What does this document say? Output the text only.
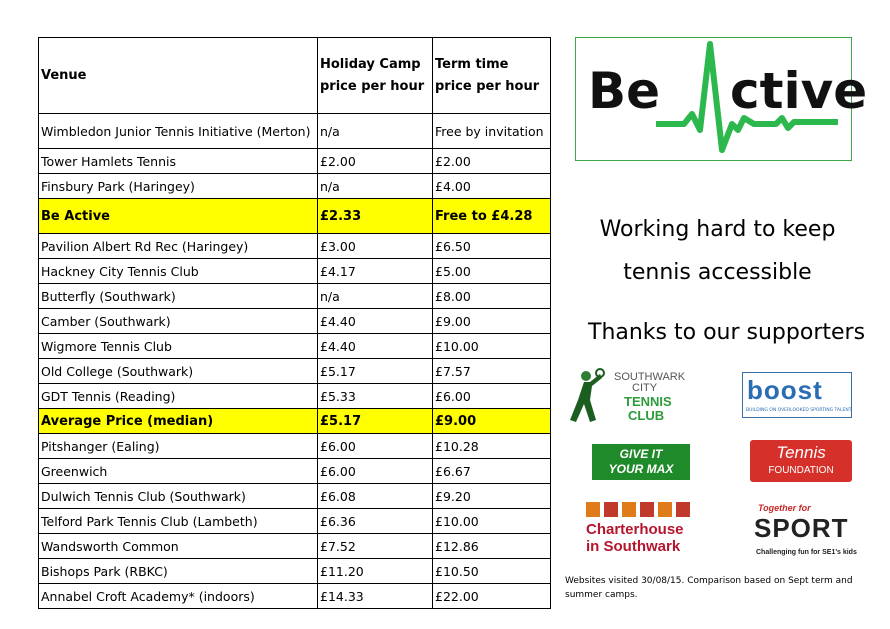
Venue	Holiday Camp price per hour	Term time price per hour
Wimbledon Junior Tennis Initiative (Merton)	n/a	Free by invitation
Tower Hamlets Tennis	£2.00	£2.00
Finsbury Park (Haringey)	n/a	£4.00
Be Active	£2.33	Free to £4.28
Pavilion Albert Rd Rec (Haringey)	£3.00	£6.50
Hackney City Tennis Club	£4.17	£5.00
Butterfly (Southwark)	n/a	£8.00
Camber (Southwark)	£4.40	£9.00
Wigmore Tennis Club	£4.40	£10.00
Old College (Southwark)	£5.17	£7.57
GDT Tennis (Reading)	£5.33	£6.00
Average Price (median)	£5.17	£9.00
Pitshanger (Ealing)	£6.00	£10.28
Greenwich	£6.00	£6.67
Dulwich Tennis Club (Southwark)	£6.08	£9.20
Telford Park Tennis Club (Lambeth)	£6.36	£10.00
Wandsworth Common	£7.52	£12.86
Bishops Park (RBKC)	£11.20	£10.50
Annabel Croft Academy* (indoors)	£14.33	£22.00
Be ctive
Working hard to keep
tennis accessible
Thanks to our supporters
SOUTHWARK
CITY
TENNIS
CLUB
boost
BUILDING ON OVERLOOKED SPORTING TALENT
GIVE IT
YOUR MAX
Tennis
FOUNDATION
Charterhouse
in Southwark
Together for
SPORT
Challenging fun for SE1's kids
Websites visited 30/08/15. Comparison based on Sept term and summer camps.
